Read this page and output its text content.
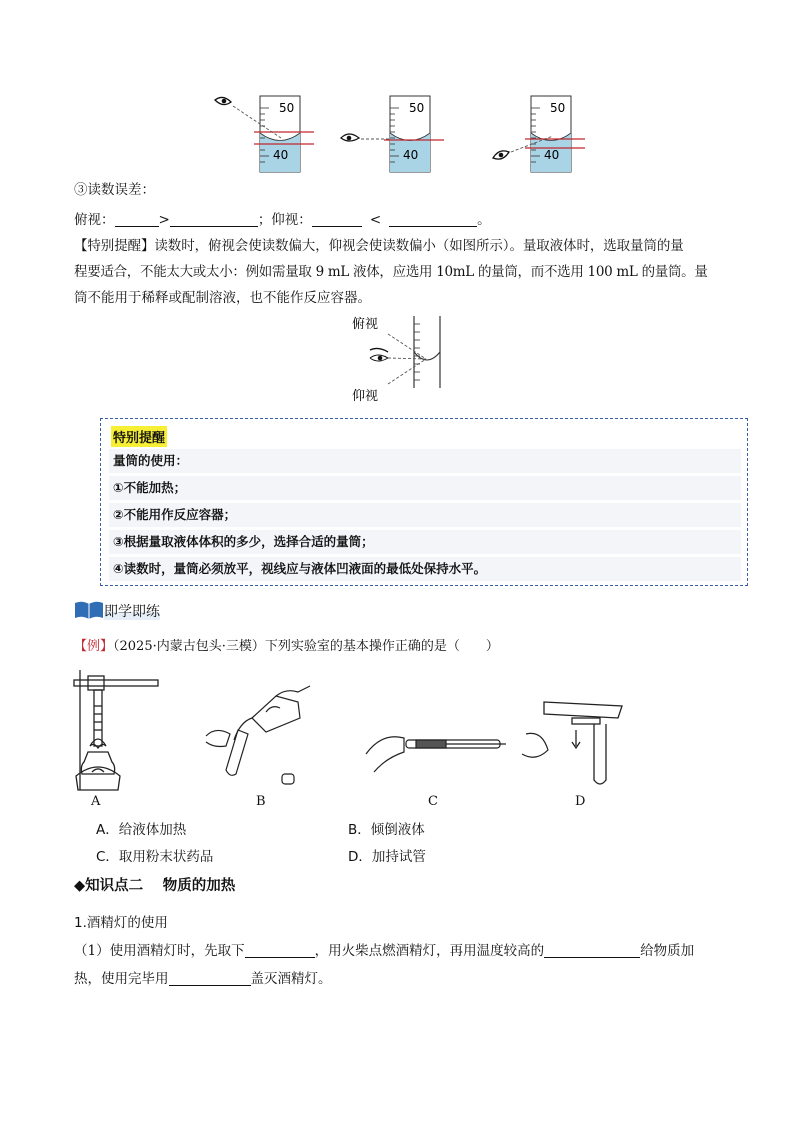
50
40
50
40
50
40
③读数误差：
俯视：	>	；仰视：	<	。
【特别提醒】读数时，俯视会使读数偏大，仰视会使读数偏小（如图所示）。量取液体时，选取量筒的量
程要适合，不能太大或太小：例如需量取 9 mL 液体，应选用 10mL 的量筒，而不选用 100 mL 的量筒。量
筒不能用于稀释或配制溶液，也不能作反应容器。
俯视
仰视
特别提醒
量筒的使用：
①不能加热；
②不能用作反应容器；
③根据量取液体体积的多少，选择合适的量筒；
④读数时，量筒必须放平，视线应与液体凹液面的最低处保持水平。
即学即练
【例】（2025·内蒙古包头·三模）下列实验室的基本操作正确的是（　　）
A	B	C	D
A．给液体加热	B．倾倒液体
C．取用粉末状药品	D．加持试管
◆知识点二　 物质的加热
1.酒精灯的使用
（1）使用酒精灯时，先取下	，用火柴点燃酒精灯，再用温度较高的	给物质加
热，使用完毕用	盖灭酒精灯。
